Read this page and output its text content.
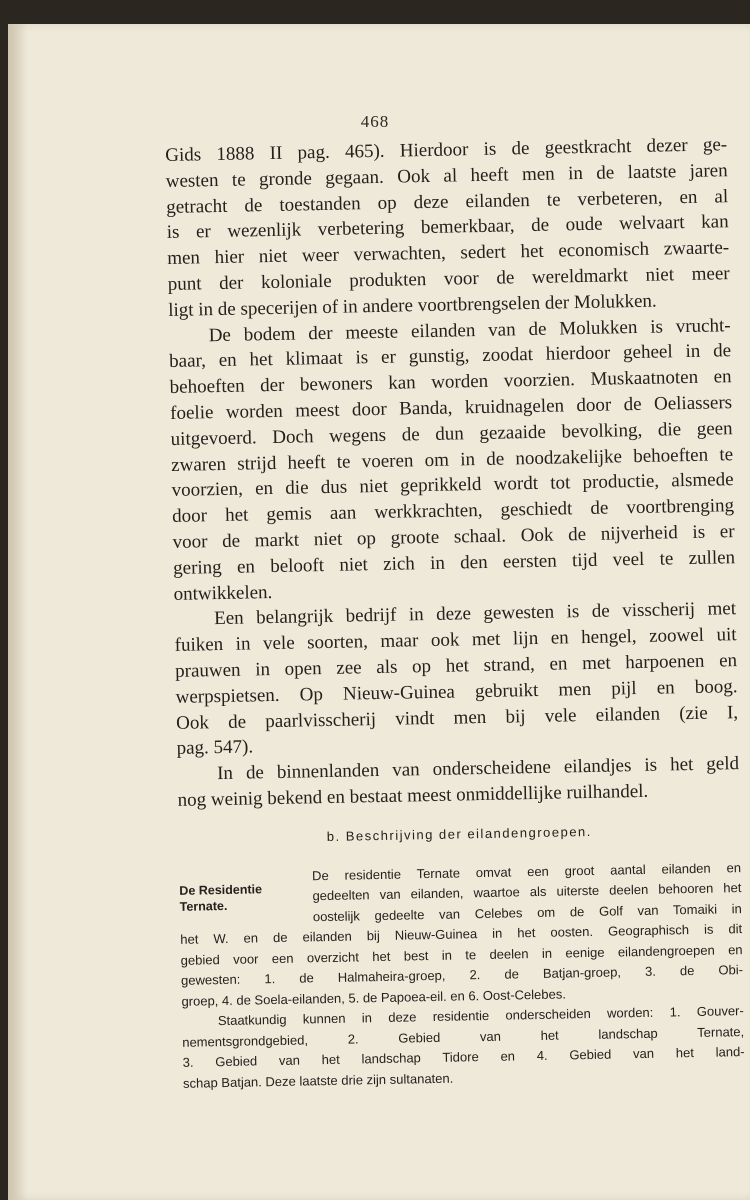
468
Gids 1888 II pag. 465). Hierdoor is de geestkracht dezer ge-
westen te gronde gegaan. Ook al heeft men in de laatste jaren
getracht de toestanden op deze eilanden te verbeteren, en al
is er wezenlijk verbetering bemerkbaar, de oude welvaart kan
men hier niet weer verwachten, sedert het economisch zwaarte-
punt der koloniale produkten voor de wereldmarkt niet meer
ligt in de specerijen of in andere voortbrengselen der Molukken.
De bodem der meeste eilanden van de Molukken is vrucht-
baar, en het klimaat is er gunstig, zoodat hierdoor geheel in de
behoeften der bewoners kan worden voorzien. Muskaatnoten en
foelie worden meest door Banda, kruidnagelen door de Oeliassers
uitgevoerd. Doch wegens de dun gezaaide bevolking, die geen
zwaren strijd heeft te voeren om in de noodzakelijke behoeften te
voorzien, en die dus niet geprikkeld wordt tot productie, alsmede
door het gemis aan werkkrachten, geschiedt de voortbrenging
voor de markt niet op groote schaal. Ook de nijverheid is er
gering en belooft niet zich in den eersten tijd veel te zullen
ontwikkelen.
Een belangrijk bedrijf in deze gewesten is de visscherij met
fuiken in vele soorten, maar ook met lijn en hengel, zoowel uit
prauwen in open zee als op het strand, en met harpoenen en
werpspietsen. Op Nieuw-Guinea gebruikt men pijl en boog.
Ook de paarlvisscherij vindt men bij vele eilanden (zie I,
pag. 547).
In de binnenlanden van onderscheidene eilandjes is het geld
nog weinig bekend en bestaat meest onmiddellijke ruilhandel.
b. Beschrijving der eilandengroepen.
De Residentie
Ternate.
De residentie Ternate omvat een groot aantal eilanden en
gedeelten van eilanden, waartoe als uiterste deelen behooren het
oostelijk gedeelte van Celebes om de Golf van Tomaiki in
het W. en de eilanden bij Nieuw-Guinea in het oosten. Geographisch is dit
gebied voor een overzicht het best in te deelen in eenige eilandengroepen en
gewesten: 1. de Halmaheira-groep, 2. de Batjan-groep, 3. de Obi-
groep, 4. de Soela-eilanden, 5. de Papoea-eil. en 6. Oost-Celebes.
Staatkundig kunnen in deze residentie onderscheiden worden: 1. Gouver-
nementsgrondgebied, 2. Gebied van het landschap Ternate,
3. Gebied van het landschap Tidore en 4. Gebied van het land-
schap Batjan. Deze laatste drie zijn sultanaten.
